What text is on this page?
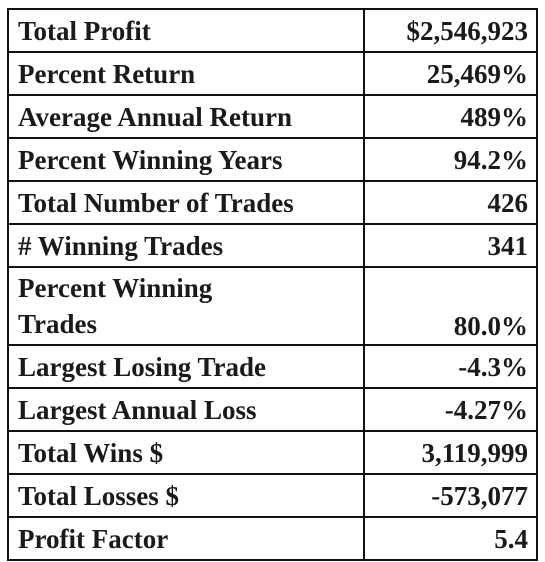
Total Profit	$2,546,923
Percent Return	25,469%
Average Annual Return	489%
Percent Winning Years	94.2%
Total Number of Trades	426
# Winning Trades	341

Percent Winning
Trades	80.0%
Largest Losing Trade	-4.3%
Largest Annual Loss	-4.27%
Total Wins $	3,119,999
Total Losses $	-573,077
Profit Factor	5.4
